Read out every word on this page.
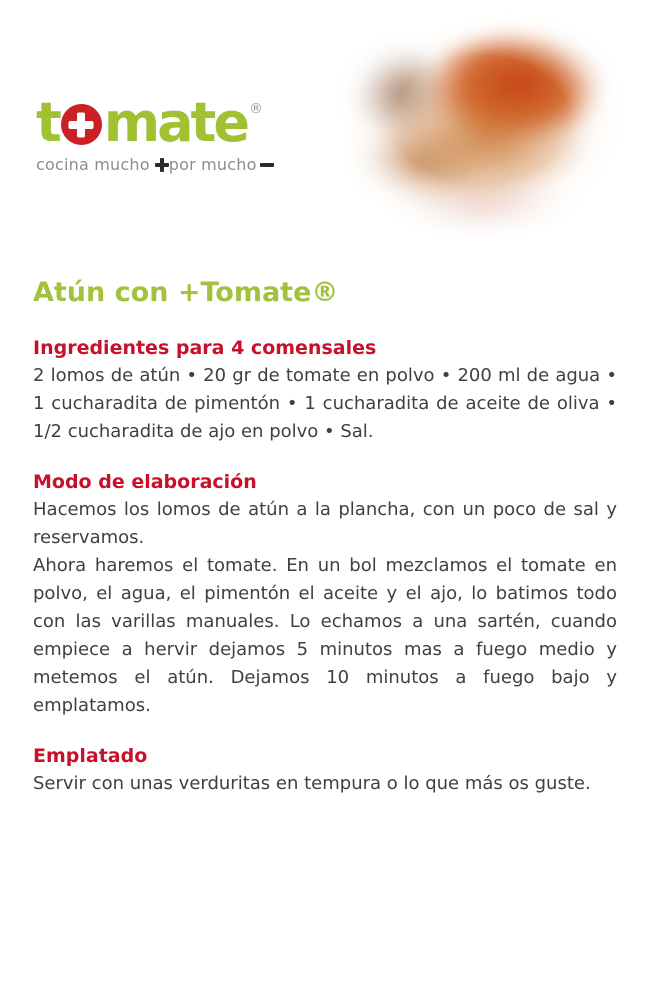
t mate ®
cocina mucho por mucho
Atún con +Tomate®
Ingredientes para 4 comensales

2 lomos de atún • 20 gr de tomate en polvo • 200 ml de agua • 1 cucharadita de pimentón • 1 cucharadita de aceite de oliva • 1/2 cucharadita de ajo en polvo • Sal.

Modo de elaboración

Hacemos los lomos de atún a la plancha, con un poco de sal y reservamos.

Ahora haremos el tomate. En un bol mezclamos el tomate en polvo, el agua, el pimentón el aceite y el ajo, lo batimos todo con las varillas manuales. Lo echamos a una sartén, cuando empiece a hervir dejamos 5 minutos mas a fuego medio y metemos el atún. Dejamos 10 minutos a fuego bajo y emplatamos.

Emplatado

Servir con unas verduritas en tempura o lo que más os guste.
